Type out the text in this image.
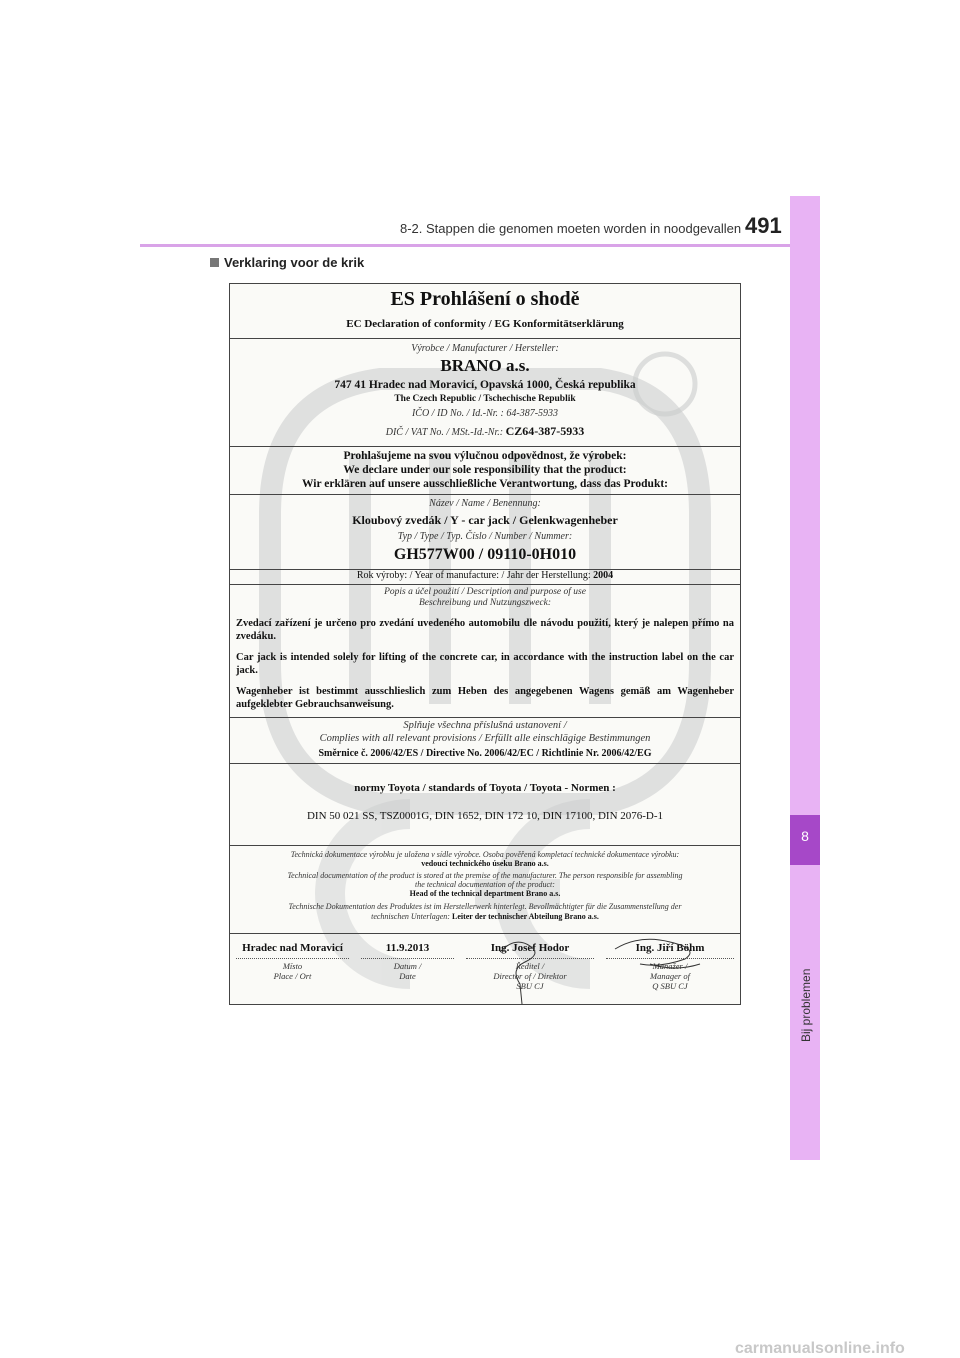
8-2. Stappen die genomen moeten worden in noodgevallen 491
8
Bij problemen
Verklaring voor de krik
ES Prohlášení o shodě
EC Declaration of conformity / EG Konformitätserklärung
Výrobce / Manufacturer / Hersteller:
BRANO a.s.
747 41 Hradec nad Moravicí, Opavská 1000, Česká republika
The Czech Republic / Tschechische Republik
IČO / ID No. / Id.-Nr. : 64-387-5933
DIČ / VAT No. / MSt.-Id.-Nr.: CZ64-387-5933
Prohlašujeme na svou výlučnou odpovědnost, že výrobek:
We declare under our sole responsibility that the product:
Wir erklären auf unsere ausschließliche Verantwortung, dass das Produkt:
Název / Name / Benennung:
Kloubový zvedák / Y - car jack / Gelenkwagenheber
Typ / Type / Typ. Číslo / Number / Nummer:
GH577W00 / 09110-0H010
Rok výroby: / Year of manufacture: / Jahr der Herstellung: 2004
Popis a účel použití / Description and purpose of use
Beschreibung und Nutzungszweck:
Zvedací zařízení je určeno pro zvedání uvedeného automobilu dle návodu použití, který je nalepen přímo na zvedáku.
Car jack is intended solely for lifting of the concrete car, in accordance with the instruction label on the car jack.
Wagenheber ist bestimmt ausschlieslich zum Heben des angegebenen Wagens gemäß am Wagenheber aufgeklebter Gebrauchsanweisung.
Splňuje všechna příslušná ustanovení /
Complies with all relevant provisions / Erfüllt alle einschlägige Bestimmungen
Směrnice č. 2006/42/ES / Directive No. 2006/42/EC / Richtlinie Nr. 2006/42/EG
normy Toyota / standards of Toyota / Toyota - Normen :
DIN 50 021 SS, TSZ0001G, DIN 1652, DIN 172 10, DIN 17100, DIN 2076-D-1
Technická dokumentace výrobku je uložena v sídle výrobce. Osoba pověřená kompletací technické dokumentace výrobku:
vedoucí technického úseku Brano a.s.
Technical documentation of the product is stored at the premise of the manufacturer. The person responsible for assembling
the technical documentation of the product:
Head of the technical department Brano a.s.
Technische Dokumentation des Produktes ist im Herstellerwerk hinterlegt. Bevollmächtigter für die Zusammenstellung der
technischen Unterlagen: Leiter der technischer Abteilung Brano a.s.
Hradec nad Moravicí
Místo
Place / Ort
11.9.2013
Datum /
Date
Ing. Josef Hodor
Ředitel /
Director of / Direktor
SBU CJ
Ing. Jiří Böhm
Manažer /
Manager of
Q SBU CJ
carmanualsonline.info
